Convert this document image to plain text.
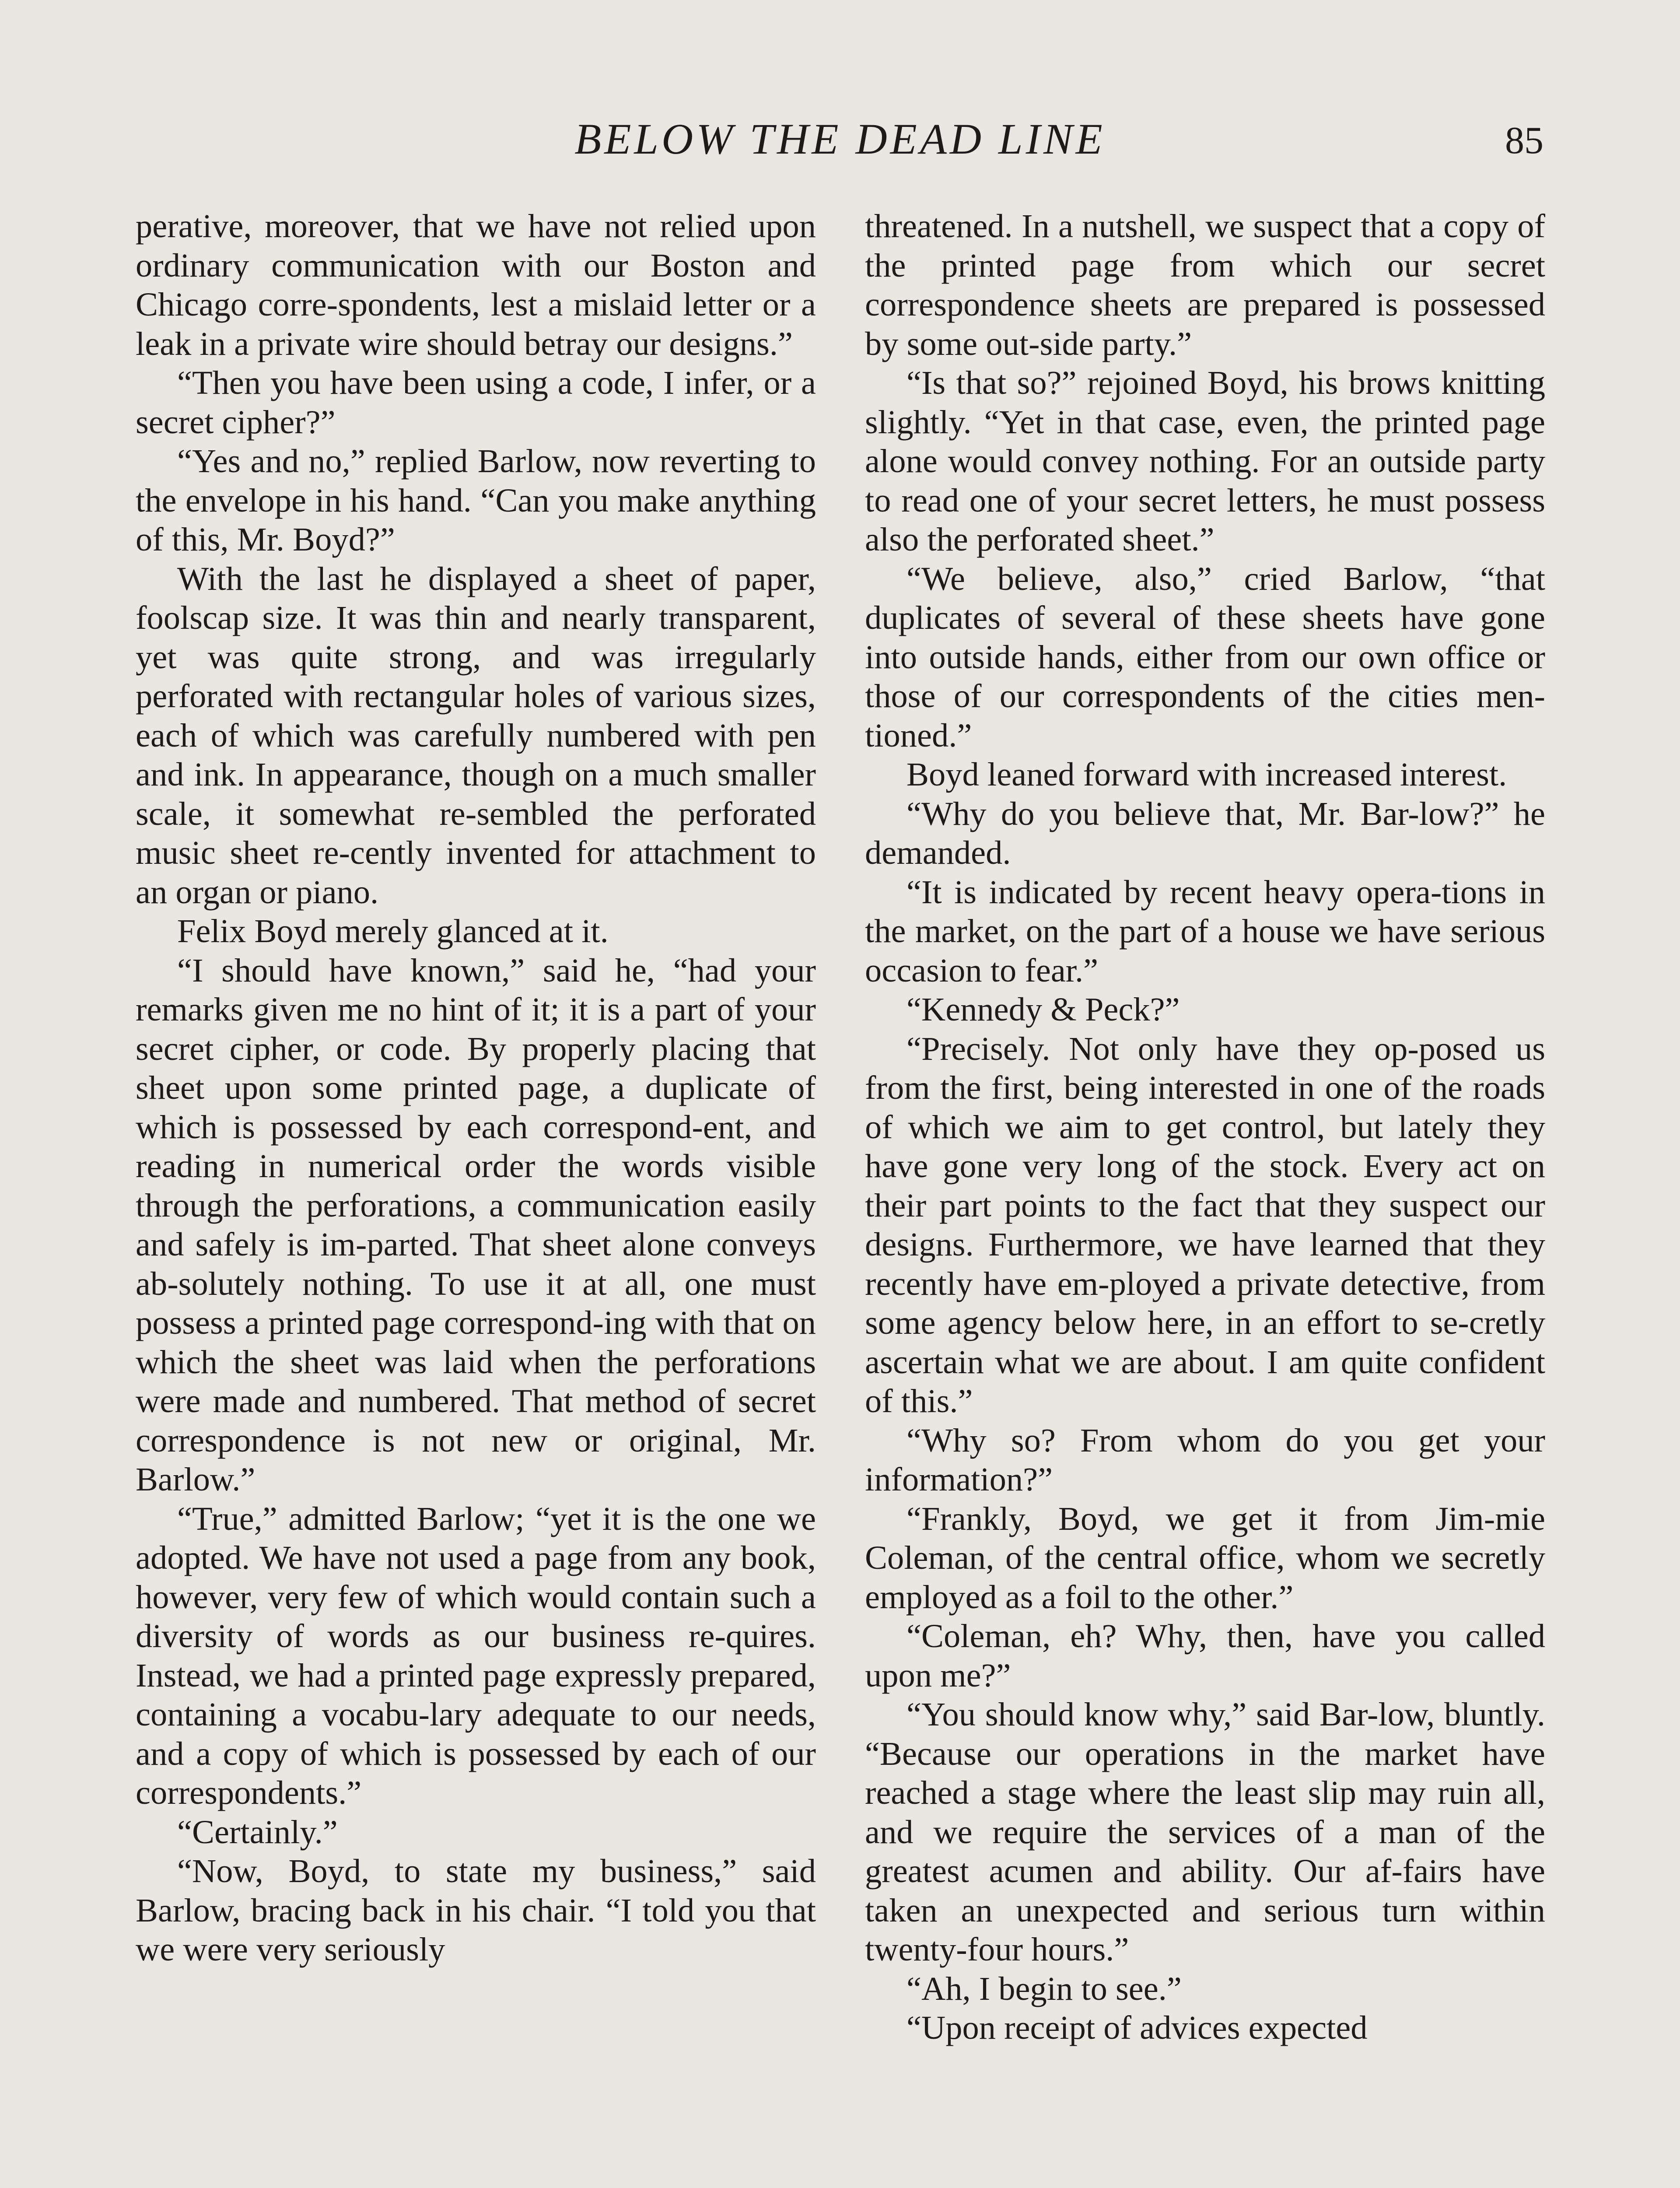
BELOW THE DEAD LINE	85

perative, moreover, that we have not relied upon ordinary communication with our Boston and Chicago corre-spondents, lest a mislaid letter or a leak in a private wire should betray our designs.”

“Then you have been using a code, I infer, or a secret cipher?”

“Yes and no,” replied Barlow, now reverting to the envelope in his hand. “Can you make anything of this, Mr. Boyd?”

With the last he displayed a sheet of paper, foolscap size. It was thin and nearly transparent, yet was quite strong, and was irregularly perforated with rectangular holes of various sizes, each of which was carefully numbered with pen and ink. In appearance, though on a much smaller scale, it somewhat re-sembled the perforated music sheet re-cently invented for attachment to an organ or piano.

Felix Boyd merely glanced at it.

“I should have known,” said he, “had your remarks given me no hint of it; it is a part of your secret cipher, or code. By properly placing that sheet upon some printed page, a duplicate of which is possessed by each correspond-ent, and reading in numerical order the words visible through the perforations, a communication easily and safely is im-parted. That sheet alone conveys ab-solutely nothing. To use it at all, one must possess a printed page correspond-ing with that on which the sheet was laid when the perforations were made and numbered. That method of secret correspondence is not new or original, Mr. Barlow.”

“True,” admitted Barlow; “yet it is the one we adopted. We have not used a page from any book, however, very few of which would contain such a diversity of words as our business re-quires. Instead, we had a printed page expressly prepared, containing a vocabu-lary adequate to our needs, and a copy of which is possessed by each of our correspondents.”

“Certainly.”

“Now, Boyd, to state my business,” said Barlow, bracing back in his chair. “I told you that we were very seriously

threatened. In a nutshell, we suspect that a copy of the printed page from which our secret correspondence sheets are prepared is possessed by some out-side party.”

“Is that so?” rejoined Boyd, his brows knitting slightly. “Yet in that case, even, the printed page alone would convey nothing. For an outside party to read one of your secret letters, he must possess also the perforated sheet.”

“We believe, also,” cried Barlow, “that duplicates of several of these sheets have gone into outside hands, either from our own office or those of our correspondents of the cities men-tioned.”

Boyd leaned forward with increased interest.

“Why do you believe that, Mr. Bar-low?” he demanded.

“It is indicated by recent heavy opera-tions in the market, on the part of a house we have serious occasion to fear.”

“Kennedy & Peck?”

“Precisely. Not only have they op-posed us from the first, being interested in one of the roads of which we aim to get control, but lately they have gone very long of the stock. Every act on their part points to the fact that they suspect our designs. Furthermore, we have learned that they recently have em-ployed a private detective, from some agency below here, in an effort to se-cretly ascertain what we are about. I am quite confident of this.”

“Why so? From whom do you get your information?”

“Frankly, Boyd, we get it from Jim-mie Coleman, of the central office, whom we secretly employed as a foil to the other.”

“Coleman, eh? Why, then, have you called upon me?”

“You should know why,” said Bar-low, bluntly. “Because our operations in the market have reached a stage where the least slip may ruin all, and we require the services of a man of the greatest acumen and ability. Our af-fairs have taken an unexpected and serious turn within twenty-four hours.”

“Ah, I begin to see.”

“Upon receipt of advices expected
